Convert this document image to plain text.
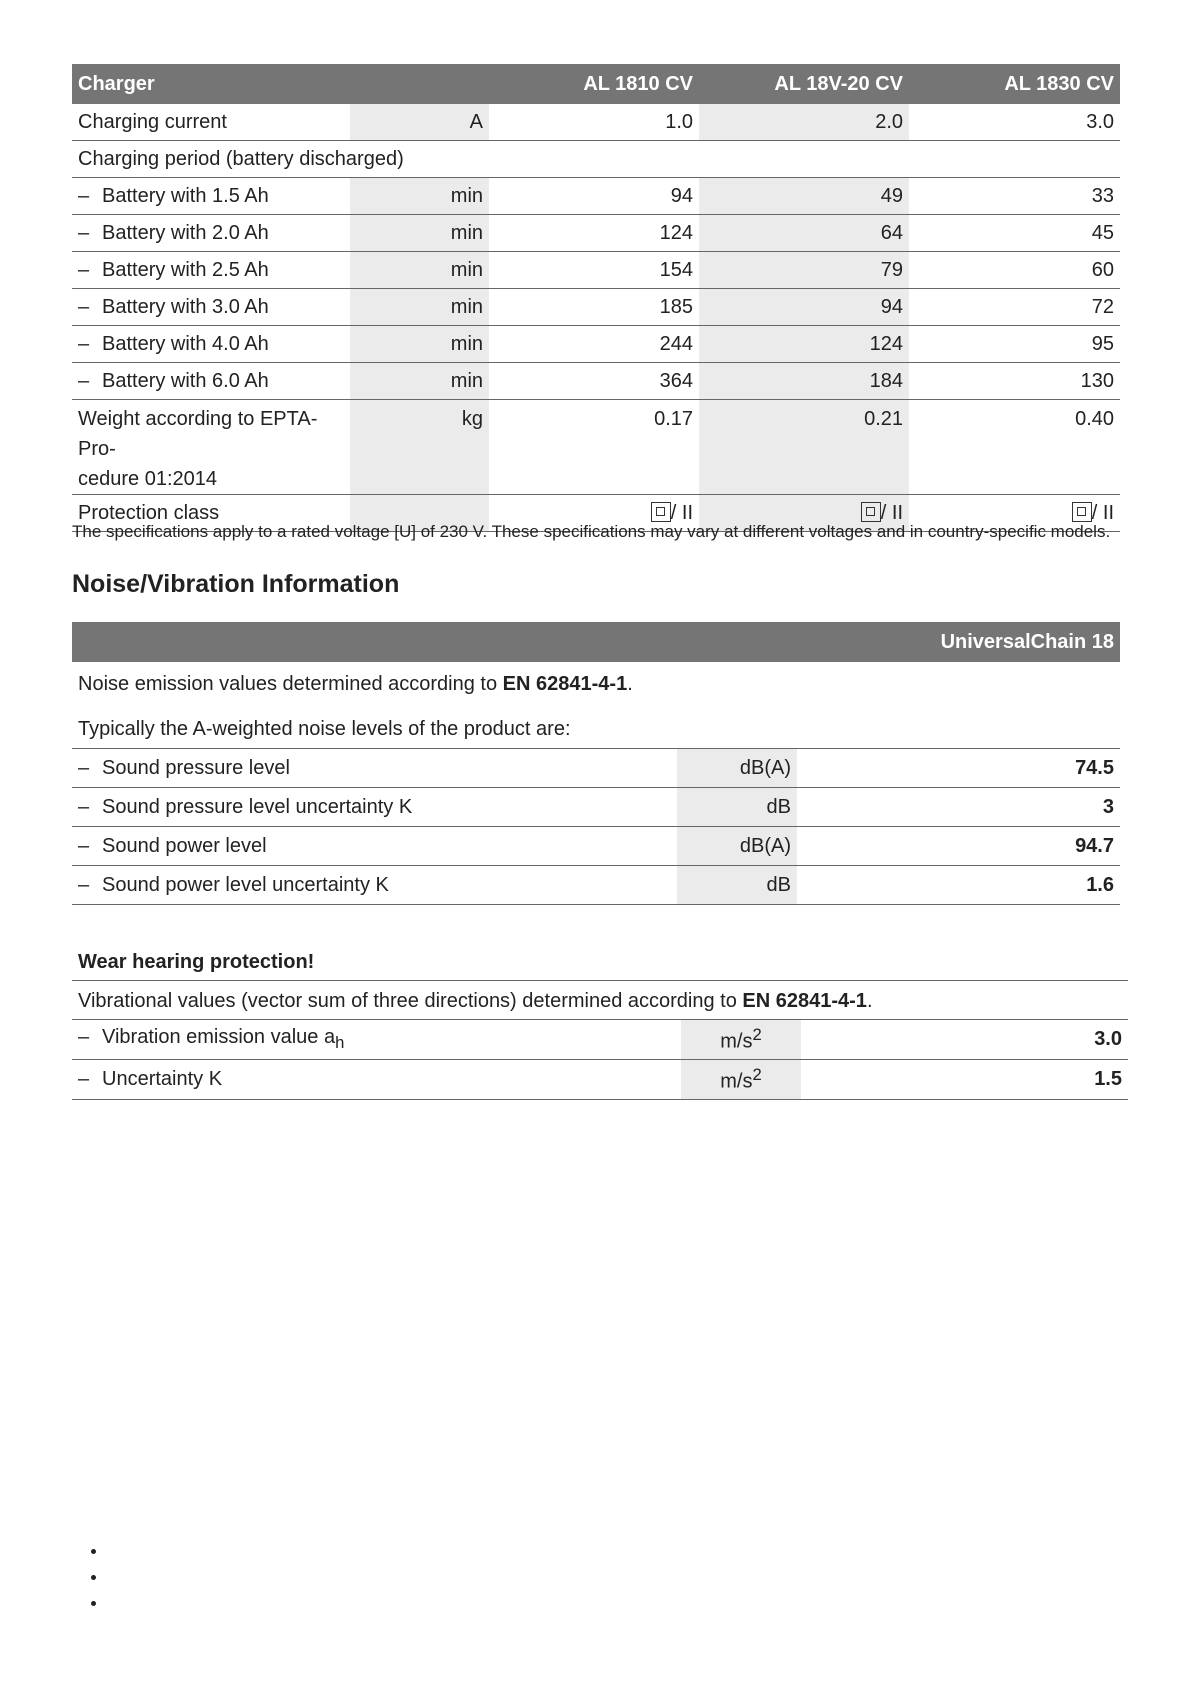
Charger		AL 1810 CV	AL 18V-20 CV	AL 1830 CV
Charging current	A	1.0	2.0	3.0
Charging period (battery discharged)				
– Battery with 1.5 Ah	min	94	49	33
– Battery with 2.0 Ah	min	124	64	45
– Battery with 2.5 Ah	min	154	79	60
– Battery with 3.0 Ah	min	185	94	72
– Battery with 4.0 Ah	min	244	124	95
– Battery with 6.0 Ah	min	364	184	130
Weight according to EPTA-Pro-
cedure 01:2014	kg	0.17	0.21	0.40
Protection class		/ II	/ II	/ II
The specifications apply to a rated voltage [U] of 230 V. These specifications may vary at different voltages and in country-specific models.
Noise/Vibration Information
UniversalChain 18
Noise emission values determined according to EN 62841-4-1.
Typically the A-weighted noise levels of the product are:
– Sound pressure level	dB(A)	74.5
– Sound pressure level uncertainty K	dB	3
– Sound power level	dB(A)	94.7
– Sound power level uncertainty K	dB	1.6
Wear hearing protection!
Vibrational values (vector sum of three directions) determined according to EN 62841-4-1.
– Vibration emission value $a_h$	$m/s^2$	3.0
– Uncertainty K	$m/s^2$	1.5
